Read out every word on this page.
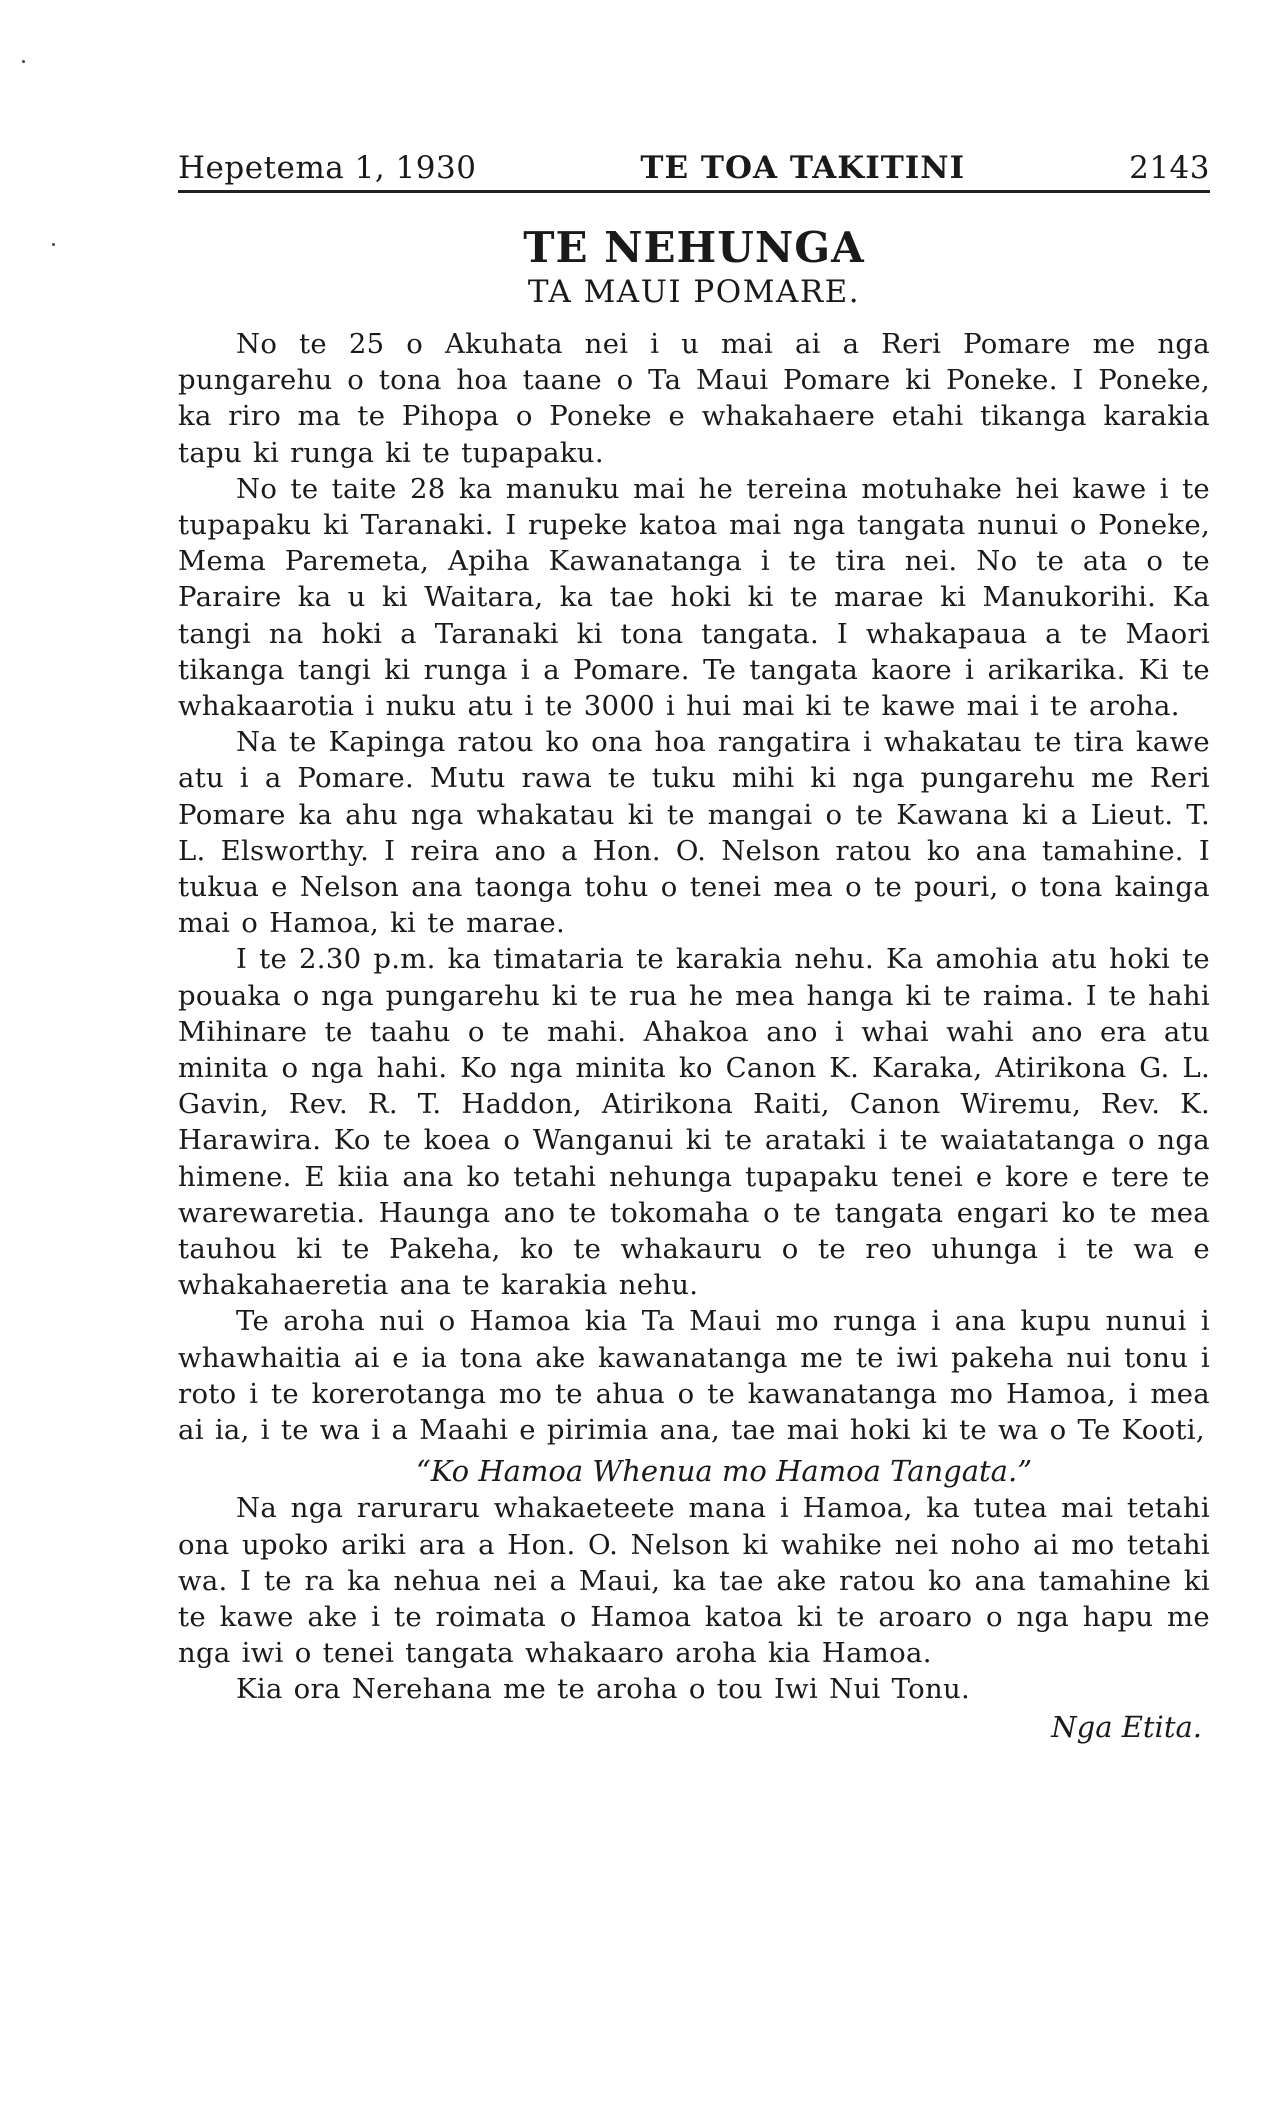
Hepetema 1, 1930	TE TOA TAKITINI	2143
TE NEHUNGA
TA MAUI POMARE.

No te 25 o Akuhata nei i u mai ai a Reri Pomare me nga pungarehu o tona hoa taane o Ta Maui Pomare ki Poneke. I Poneke, ka riro ma te Pihopa o Poneke e whakahaere etahi tikanga karakia tapu ki runga ki te tupapaku.

No te taite 28 ka manuku mai he tereina motuhake hei kawe i te tupapaku ki Taranaki. I rupeke katoa mai nga tangata nunui o Poneke, Mema Paremeta, Apiha Kawanatanga i te tira nei. No te ata o te Paraire ka u ki Waitara, ka tae hoki ki te marae ki Manukorihi. Ka tangi na hoki a Taranaki ki tona tangata. I whakapaua a te Maori tikanga tangi ki runga i a Pomare. Te tangata kaore i arikarika. Ki te whakaarotia i nuku atu i te 3000 i hui mai ki te kawe mai i te aroha.

Na te Kapinga ratou ko ona hoa rangatira i whakatau te tira kawe atu i a Pomare. Mutu rawa te tuku mihi ki nga pungarehu me Reri Pomare ka ahu nga whakatau ki te mangai o te Kawana ki a Lieut. T. L. Elsworthy. I reira ano a Hon. O. Nelson ratou ko ana tamahine. I tukua e Nelson ana taonga tohu o tenei mea o te pouri, o tona kainga mai o Hamoa, ki te marae.

I te 2.30 p.m. ka timataria te karakia nehu. Ka amohia atu hoki te pouaka o nga pungarehu ki te rua he mea hanga ki te raima. I te hahi Mihinare te taahu o te mahi. Ahakoa ano i whai wahi ano era atu minita o nga hahi. Ko nga minita ko Canon K. Karaka, Atirikona G. L. Gavin, Rev. R. T. Haddon, Atirikona Raiti, Canon Wiremu, Rev. K. Harawira. Ko te koea o Wanganui ki te arataki i te waiatatanga o nga himene. E kiia ana ko tetahi nehunga tupapaku tenei e kore e tere te warewaretia. Haunga ano te tokomaha o te tangata engari ko te mea tauhou ki te Pakeha, ko te whakauru o te reo uhunga i te wa e whakahaeretia ana te karakia nehu.

Te aroha nui o Hamoa kia Ta Maui mo runga i ana kupu nunui i whawhaitia ai e ia tona ake kawanatanga me te iwi pakeha nui tonu i roto i te korerotanga mo te ahua o te kawanatanga mo Hamoa, i mea ai ia, i te wa i a Maahi e pirimia ana, tae mai hoki ki te wa o Te Kooti,

“Ko Hamoa Whenua mo Hamoa Tangata.”

Na nga raruraru whakaeteete mana i Hamoa, ka tutea mai tetahi ona upoko ariki ara a Hon. O. Nelson ki wahike nei noho ai mo tetahi wa. I te ra ka nehua nei a Maui, ka tae ake ratou ko ana tamahine ki te kawe ake i te roimata o Hamoa katoa ki te aroaro o nga hapu me nga iwi o tenei tangata whakaaro aroha kia Hamoa.

Kia ora Nerehana me te aroha o tou Iwi Nui Tonu.

Nga Etita.
